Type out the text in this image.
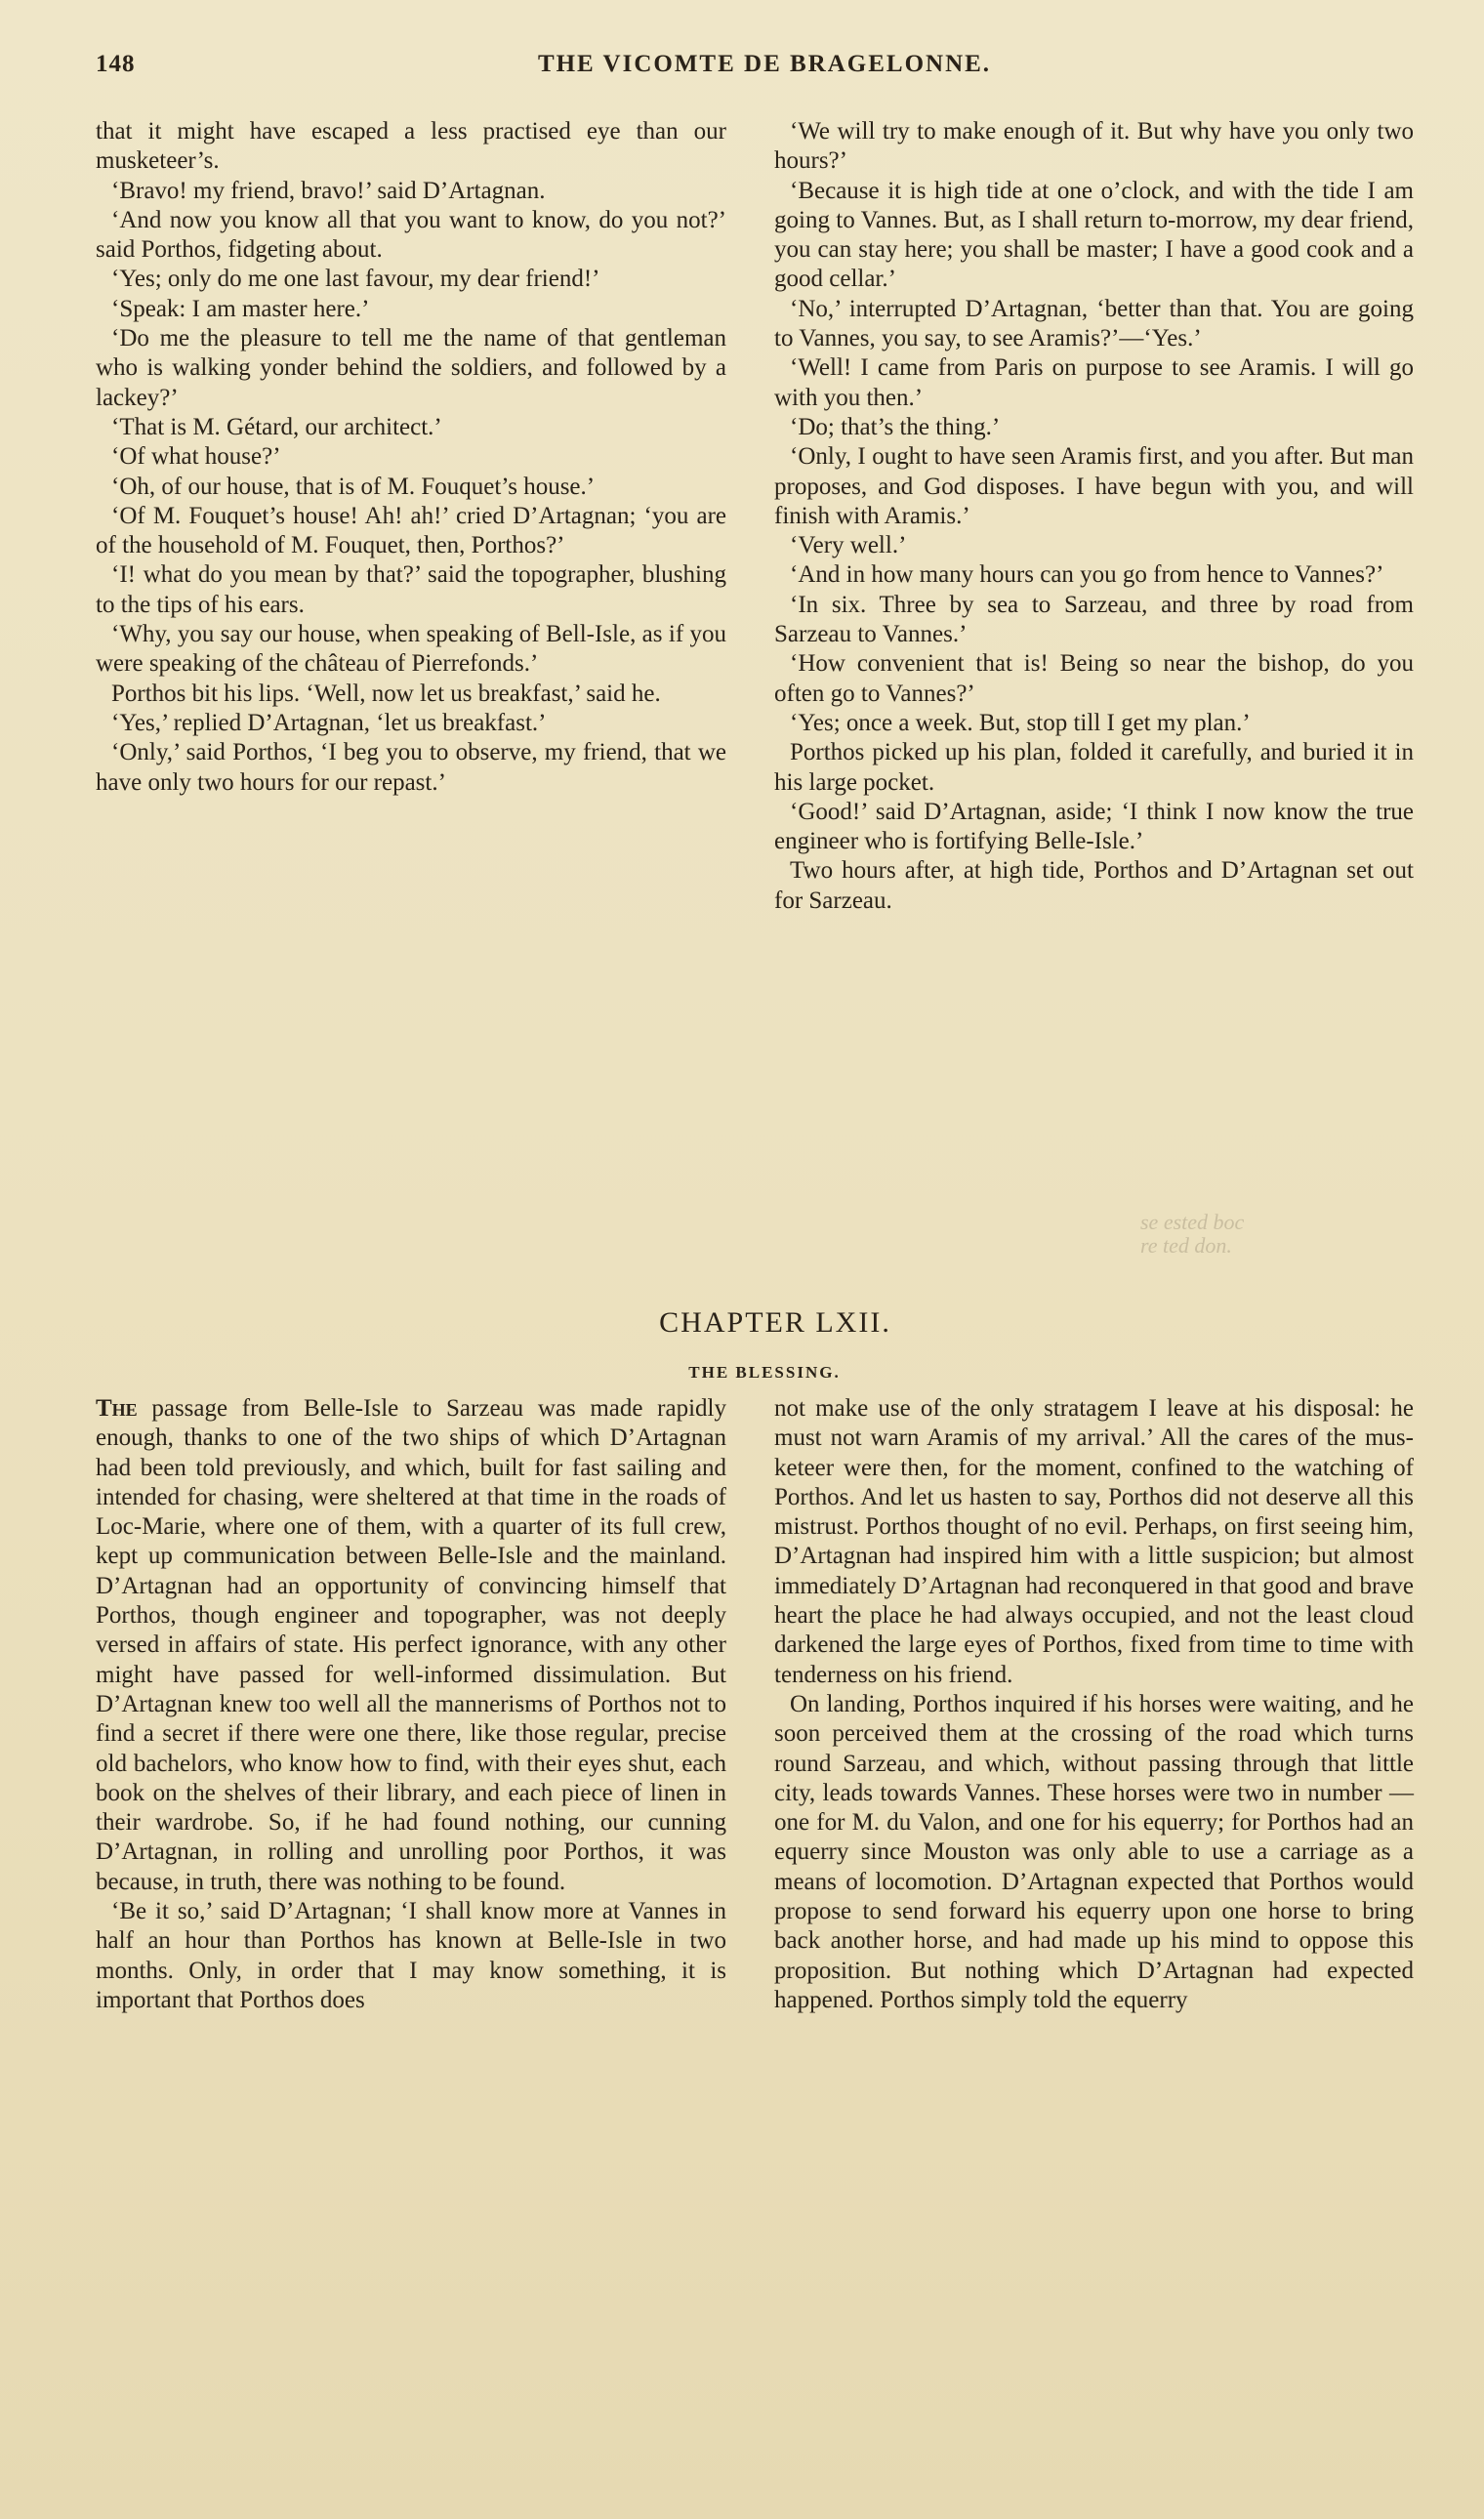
148	THE VICOMTE DE BRAGELONNE.

that it might have escaped a less practised eye than our musketeer’s.

‘Bravo! my friend, bravo!’ said D’Artagnan.

‘And now you know all that you want to know, do you not?’ said Porthos, fidgeting about.

‘Yes; only do me one last favour, my dear friend!’

‘Speak: I am master here.’

‘Do me the pleasure to tell me the name of that gentleman who is walking yonder behind the soldiers, and followed by a lackey?’

‘That is M. Gétard, our architect.’

‘Of what house?’

‘Oh, of our house, that is of M. Fouquet’s house.’

‘Of M. Fouquet’s house! Ah! ah!’ cried D’Artagnan; ‘you are of the household of M. Fouquet, then, Porthos?’

‘I! what do you mean by that?’ said the topographer, blushing to the tips of his ears.

‘Why, you say our house, when speaking of Bell-Isle, as if you were speaking of the château of Pierrefonds.’

Porthos bit his lips. ‘Well, now let us breakfast,’ said he.

‘Yes,’ replied D’Artagnan, ‘let us breakfast.’

‘Only,’ said Porthos, ‘I beg you to observe, my friend, that we have only two hours for our repast.’

‘We will try to make enough of it. But why have you only two hours?’

‘Because it is high tide at one o’clock, and with the tide I am going to Vannes. But, as I shall return to-morrow, my dear friend, you can stay here; you shall be master; I have a good cook and a good cellar.’

‘No,’ interrupted D’Artagnan, ‘better than that. You are going to Vannes, you say, to see Aramis?’—‘Yes.’

‘Well! I came from Paris on purpose to see Aramis. I will go with you then.’

‘Do; that’s the thing.’

‘Only, I ought to have seen Aramis first, and you after. But man proposes, and God disposes. I have begun with you, and will finish with Aramis.’

‘Very well.’

‘And in how many hours can you go from hence to Vannes?’

‘In six. Three by sea to Sarzeau, and three by road from Sarzeau to Vannes.’

‘How convenient that is! Being so near the bishop, do you often go to Vannes?’

‘Yes; once a week. But, stop till I get my plan.’

Porthos picked up his plan, folded it carefully, and buried it in his large pocket.

‘Good!’ said D’Artagnan, aside; ‘I think I now know the true engineer who is fortifying Belle-Isle.’

Two hours after, at high tide, Porthos and D’Artagnan set out for Sarzeau.

se ested boc
re ted don.
CHAPTER LXII.
THE BLESSING.

The passage from Belle-Isle to Sarzeau was made rapidly enough, thanks to one of the two ships of which D’Artagnan had been told previously, and which, built for fast sailing and intended for chasing, were sheltered at that time in the roads of Loc-Marie, where one of them, with a quarter of its full crew, kept up communication between Belle-Isle and the mainland. D’Artagnan had an opportunity of convincing himself that Porthos, though engineer and topographer, was not deeply versed in affairs of state. His perfect ignorance, with any other might have passed for well-informed dissimulation. But D’Artagnan knew too well all the mannerisms of Porthos not to find a secret if there were one there, like those regular, precise old bachelors, who know how to find, with their eyes shut, each book on the shelves of their library, and each piece of linen in their wardrobe. So, if he had found nothing, our cunning D’Artagnan, in rolling and unrolling poor Porthos, it was because, in truth, there was nothing to be found.

‘Be it so,’ said D’Artagnan; ‘I shall know more at Vannes in half an hour than Porthos has known at Belle-Isle in two months. Only, in order that I may know something, it is important that Porthos does

not make use of the only stratagem I leave at his disposal: he must not warn Aramis of my arrival.’ All the cares of the musketeer were then, for the moment, confined to the watching of Porthos. And let us hasten to say, Porthos did not deserve all this mistrust. Porthos thought of no evil. Perhaps, on first seeing him, D’Artagnan had inspired him with a little suspicion; but almost immediately D’Artagnan had reconquered in that good and brave heart the place he had always occupied, and not the least cloud darkened the large eyes of Porthos, fixed from time to time with tenderness on his friend.

On landing, Porthos inquired if his horses were waiting, and he soon perceived them at the crossing of the road which turns round Sarzeau, and which, without passing through that little city, leads towards Vannes. These horses were two in number —one for M. du Valon, and one for his equerry; for Porthos had an equerry since Mouston was only able to use a carriage as a means of locomotion. D’Artagnan expected that Porthos would propose to send forward his equerry upon one horse to bring back another horse, and had made up his mind to oppose this proposition. But nothing which D’Artagnan had expected happened. Porthos simply told the equerry
